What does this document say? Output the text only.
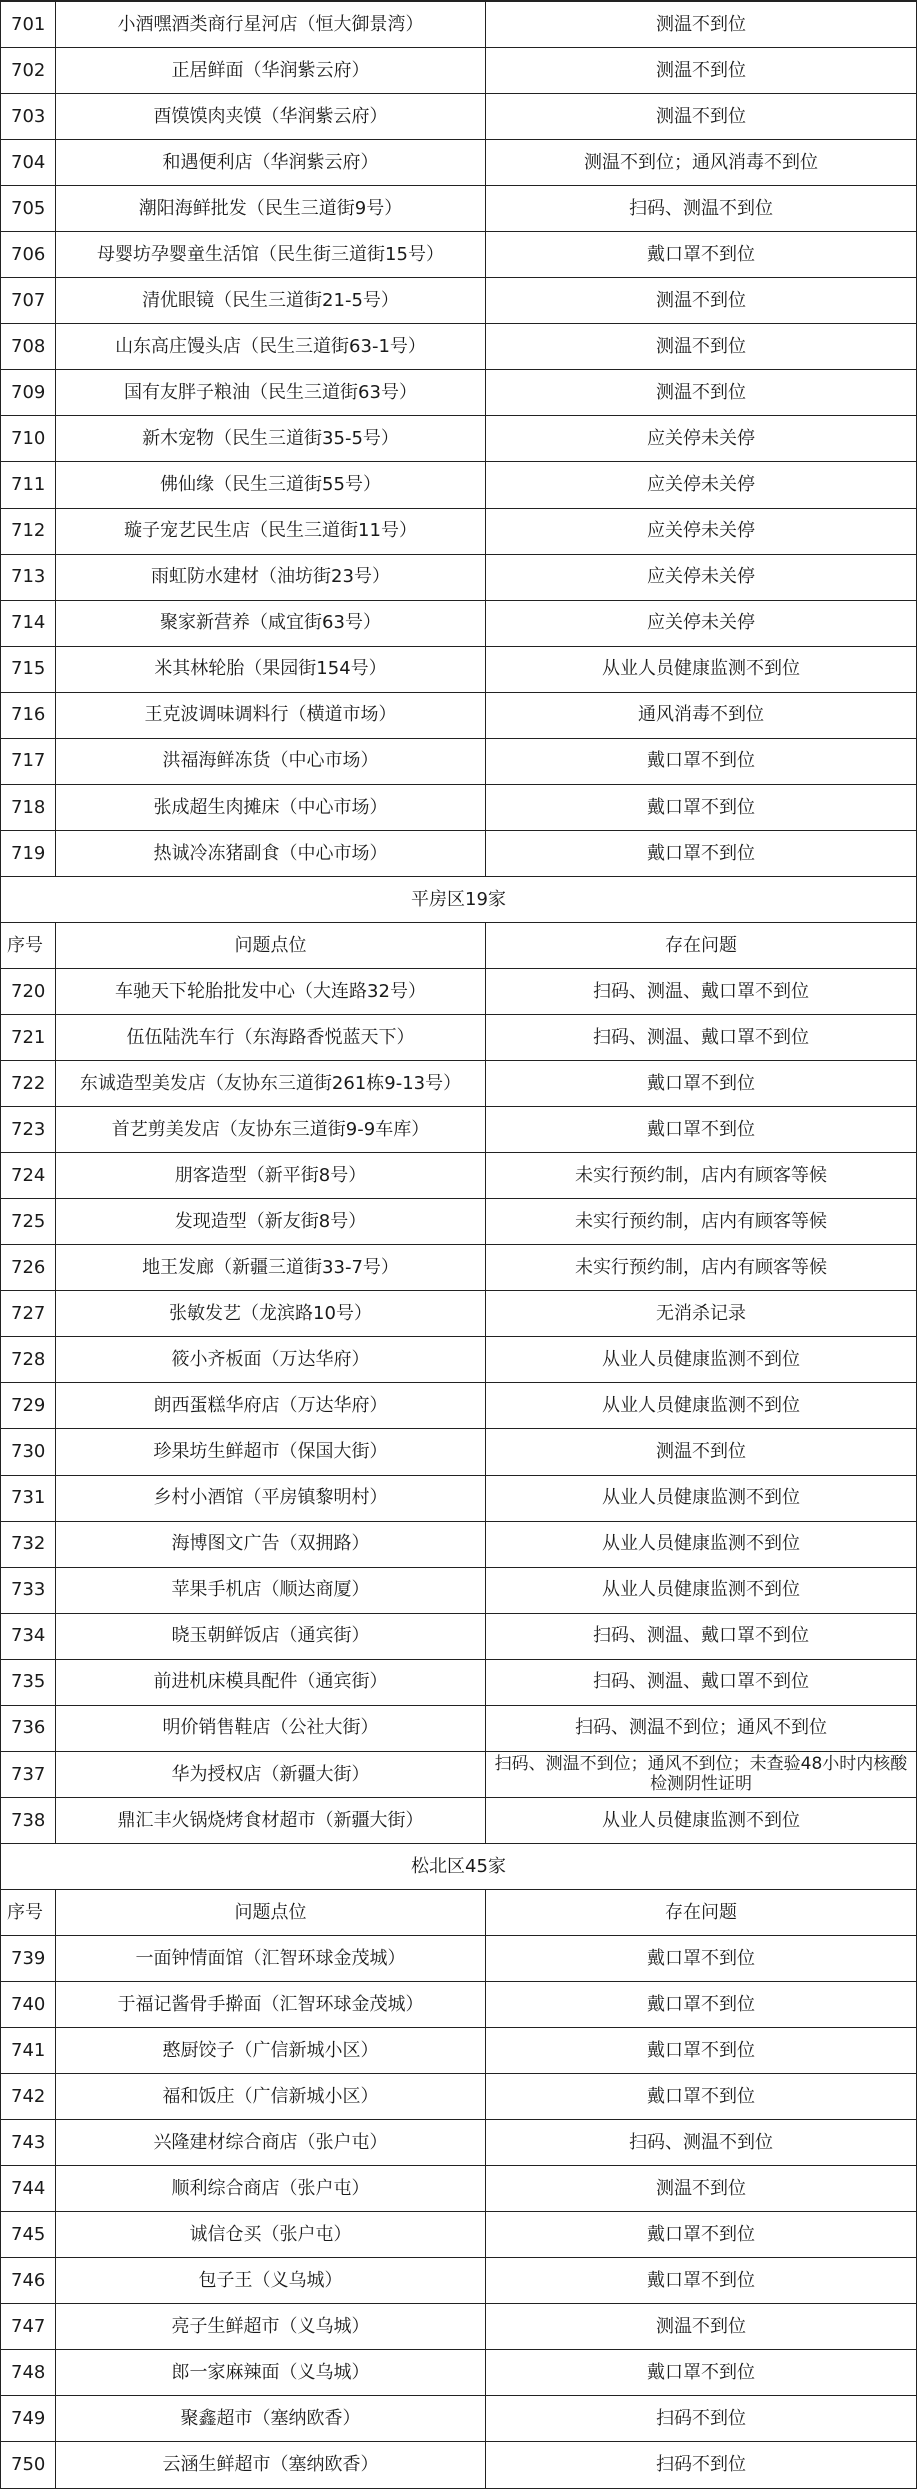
701	小酒嘿酒类商行星河店（恒大御景湾）	测温不到位
702	正居鲜面（华润紫云府）	测温不到位
703	酉馍馍肉夹馍（华润紫云府）	测温不到位
704	和遇便利店（华润紫云府）	测温不到位；通风消毒不到位
705	潮阳海鲜批发（民生三道街9号）	扫码、测温不到位
706	母婴坊孕婴童生活馆（民生街三道街15号）	戴口罩不到位
707	清优眼镜（民生三道街21-5号）	测温不到位
708	山东高庄馒头店（民生三道街63-1号）	测温不到位
709	国有友胖子粮油（民生三道街63号）	测温不到位
710	新木宠物（民生三道街35-5号）	应关停未关停
711	佛仙缘（民生三道街55号）	应关停未关停
712	璇子宠艺民生店（民生三道街11号）	应关停未关停
713	雨虹防水建材（油坊街23号）	应关停未关停
714	聚家新营养（咸宜街63号）	应关停未关停
715	米其林轮胎（果园街154号）	从业人员健康监测不到位
716	王克波调味调料行（横道市场）	通风消毒不到位
717	洪福海鲜冻货（中心市场）	戴口罩不到位
718	张成超生肉摊床（中心市场）	戴口罩不到位
719	热诚冷冻猪副食（中心市场）	戴口罩不到位
平房区19家
序号	问题点位	存在问题
720	车驰天下轮胎批发中心（大连路32号）	扫码、测温、戴口罩不到位
721	伍伍陆洗车行（东海路香悦蓝天下）	扫码、测温、戴口罩不到位
722	东诚造型美发店（友协东三道街261栋9-13号）	戴口罩不到位
723	首艺剪美发店（友协东三道街9-9车库）	戴口罩不到位
724	朋客造型（新平街8号）	未实行预约制，店内有顾客等候
725	发现造型（新友街8号）	未实行预约制，店内有顾客等候
726	地王发廊（新疆三道街33-7号）	未实行预约制，店内有顾客等候
727	张敏发艺（龙滨路10号）	无消杀记录
728	筱小齐板面（万达华府）	从业人员健康监测不到位
729	朗西蛋糕华府店（万达华府）	从业人员健康监测不到位
730	珍果坊生鲜超市（保国大街）	测温不到位
731	乡村小酒馆（平房镇黎明村）	从业人员健康监测不到位
732	海博图文广告（双拥路）	从业人员健康监测不到位
733	苹果手机店（顺达商厦）	从业人员健康监测不到位
734	晓玉朝鲜饭店（通宾街）	扫码、测温、戴口罩不到位
735	前进机床模具配件（通宾街）	扫码、测温、戴口罩不到位
736	明价销售鞋店（公社大街）	扫码、测温不到位；通风不到位
737	华为授权店（新疆大街）	扫码、测温不到位；通风不到位；未查验48小时内核酸检测阴性证明
738	鼎汇丰火锅烧烤食材超市（新疆大街）	从业人员健康监测不到位
松北区45家
序号	问题点位	存在问题
739	一面钟情面馆（汇智环球金茂城）	戴口罩不到位
740	于福记酱骨手擀面（汇智环球金茂城）	戴口罩不到位
741	憨厨饺子（广信新城小区）	戴口罩不到位
742	福和饭庄（广信新城小区）	戴口罩不到位
743	兴隆建材综合商店（张户屯）	扫码、测温不到位
744	顺利综合商店（张户屯）	测温不到位
745	诚信仓买（张户屯）	戴口罩不到位
746	包子王（义乌城）	戴口罩不到位
747	亮子生鲜超市（义乌城）	测温不到位
748	郎一家麻辣面（义乌城）	戴口罩不到位
749	聚鑫超市（塞纳欧香）	扫码不到位
750	云涵生鲜超市（塞纳欧香）	扫码不到位
